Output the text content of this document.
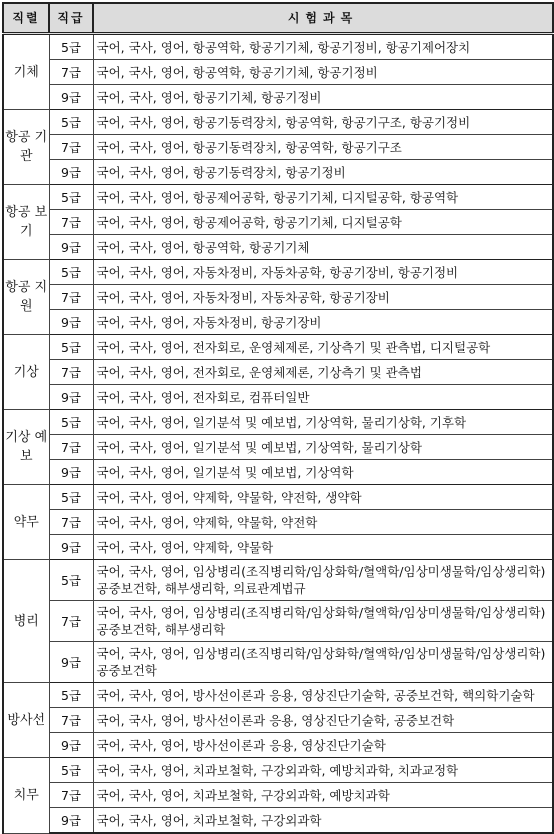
직렬	직급	시험과목
기체	5급	국어, 국사, 영어, 항공역학, 항공기기체, 항공기정비, 항공기제어장치
	7급	국어, 국사, 영어, 항공역학, 항공기기체, 항공기정비
	9급	국어, 국사, 영어, 항공기기체, 항공기정비
항공 기관	5급	국어, 국사, 영어, 항공기동력장치, 항공역학, 항공기구조, 항공기정비
	7급	국어, 국사, 영어, 항공기동력장치, 항공역학, 항공기구조
	9급	국어, 국사, 영어, 항공기동력장치, 항공기정비
항공 보기	5급	국어, 국사, 영어, 항공제어공학, 항공기기체, 디지털공학, 항공역학
	7급	국어, 국사, 영어, 항공제어공학, 항공기기체, 디지털공학
	9급	국어, 국사, 영어, 항공역학, 항공기기체
항공 지원	5급	국어, 국사, 영어, 자동차정비, 자동차공학, 항공기장비, 항공기정비
	7급	국어, 국사, 영어, 자동차정비, 자동차공학, 항공기장비
	9급	국어, 국사, 영어, 자동차정비, 항공기장비
기상	5급	국어, 국사, 영어, 전자회로, 운영체제론, 기상측기 및 관측법, 디지털공학
	7급	국어, 국사, 영어, 전자회로, 운영체제론, 기상측기 및 관측법
	9급	국어, 국사, 영어, 전자회로, 컴퓨터일반
기상 예보	5급	국어, 국사, 영어, 일기분석 및 예보법, 기상역학, 물리기상학, 기후학
	7급	국어, 국사, 영어, 일기분석 및 예보법, 기상역학, 물리기상학
	9급	국어, 국사, 영어, 일기분석 및 예보법, 기상역학
약무	5급	국어, 국사, 영어, 약제학, 약물학, 약전학, 생약학
	7급	국어, 국사, 영어, 약제학, 약물학, 약전학
	9급	국어, 국사, 영어, 약제학, 약물학
병리	5급	국어, 국사, 영어, 임상병리(조직병리학/임상화학/혈액학/임상미생물학/임상생리학) 공중보건학, 해부생리학, 의료관계법규
	7급	국어, 국사, 영어, 임상병리(조직병리학/임상화학/혈액학/임상미생물학/임상생리학) 공중보건학, 해부생리학
	9급	국어, 국사, 영어, 임상병리(조직병리학/임상화학/혈액학/임상미생물학/임상생리학) 공중보건학
방사선	5급	국어, 국사, 영어, 방사선이론과 응용, 영상진단기술학, 공중보건학, 핵의학기술학
	7급	국어, 국사, 영어, 방사선이론과 응용, 영상진단기술학, 공중보건학
	9급	국어, 국사, 영어, 방사선이론과 응용, 영상진단기술학
치무	5급	국어, 국사, 영어, 치과보철학, 구강외과학, 예방치과학, 치과교정학
	7급	국어, 국사, 영어, 치과보철학, 구강외과학, 예방치과학
	9급	국어, 국사, 영어, 치과보철학, 구강외과학
